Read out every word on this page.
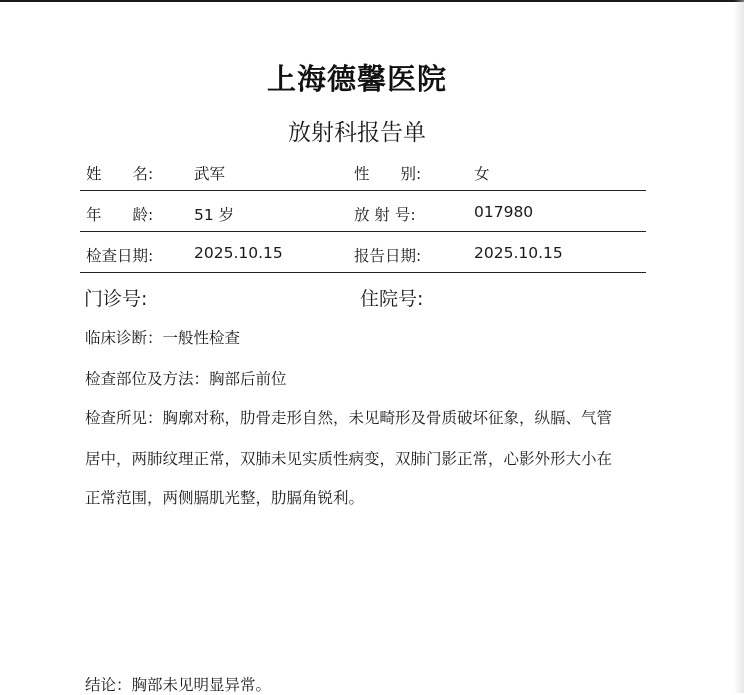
上海德馨医院
放射科报告单
姓　　名:	武军	性　　别:	女
年　　龄:	51 岁	放 射 号:	017980
检查日期:	2025.10.15	报告日期:	2025.10.15
门诊号:	住院号:
临床诊断：一般性检查
检查部位及方法：胸部后前位
检查所见：胸廓对称，肋骨走形自然，未见畸形及骨质破坏征象，纵膈、气管
居中，两肺纹理正常，双肺未见实质性病变，双肺门影正常，心影外形大小在
正常范围，两侧膈肌光整，肋膈角锐利。
结论：胸部未见明显异常。
